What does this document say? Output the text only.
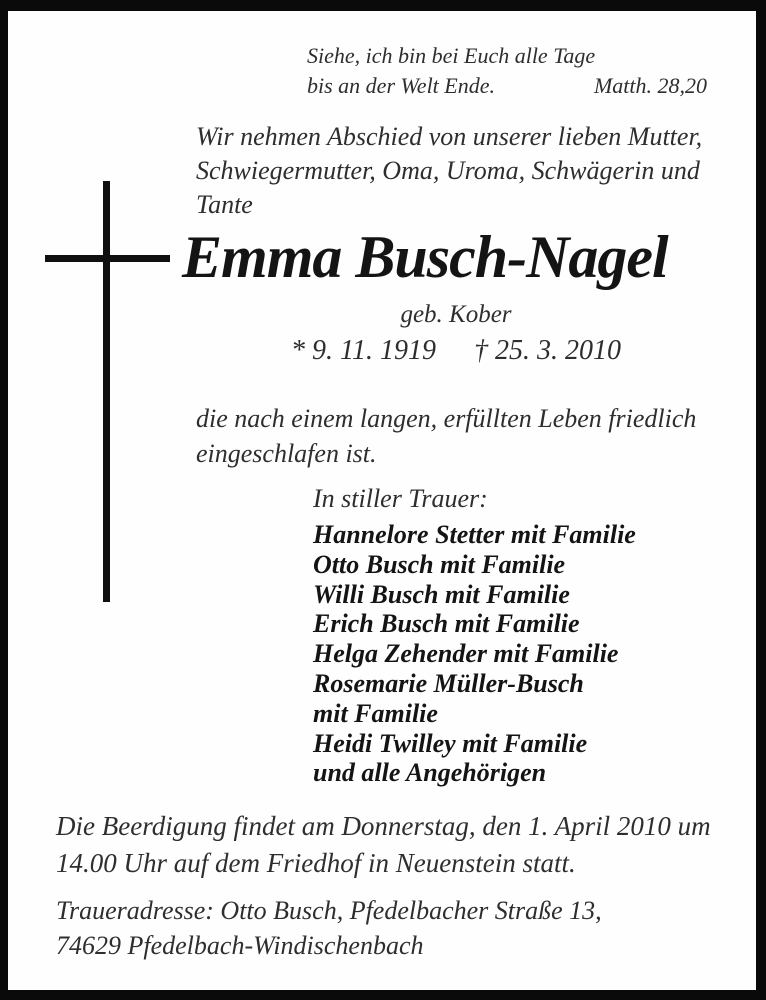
Siehe, ich bin bei Euch alle Tage
bis an der Welt Ende.	Matth. 28,20
Wir nehmen Abschied von unserer lieben Mutter,
Schwiegermutter, Oma, Uroma, Schwägerin und
Tante
Emma Busch-Nagel
geb. Kober
* 9. 11. 1919 † 25. 3. 2010
die nach einem langen, erfüllten Leben friedlich
eingeschlafen ist.
In stiller Trauer:
Hannelore Stetter mit Familie
Otto Busch mit Familie
Willi Busch mit Familie
Erich Busch mit Familie
Helga Zehender mit Familie
Rosemarie Müller-Busch
mit Familie
Heidi Twilley mit Familie
und alle Angehörigen
Die Beerdigung findet am Donnerstag, den 1. April 2010 um
14.00 Uhr auf dem Friedhof in Neuenstein statt.
Traueradresse: Otto Busch, Pfedelbacher Straße 13,
74629 Pfedelbach-Windischenbach
